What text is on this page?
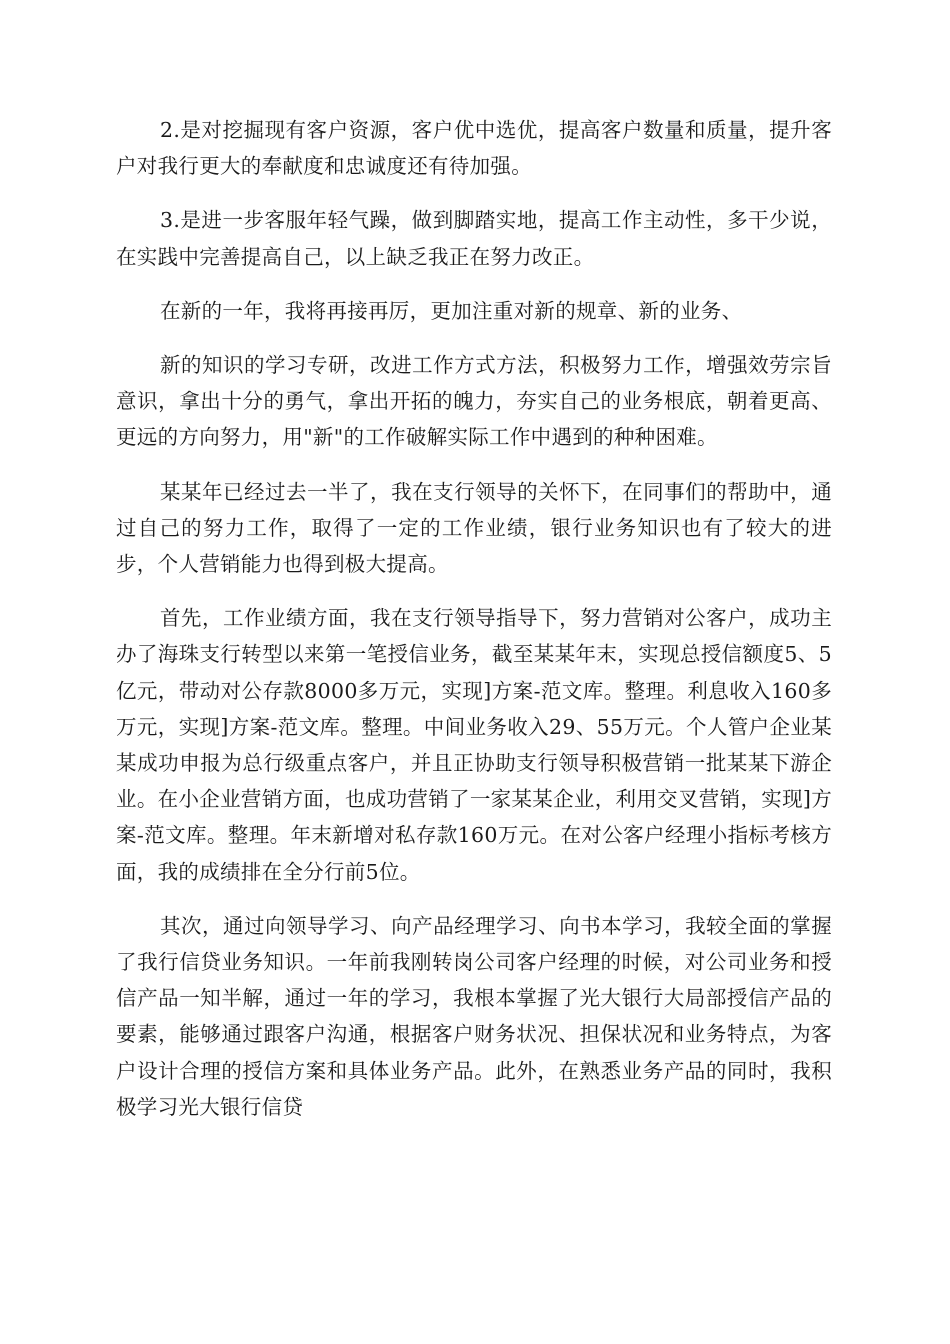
2.是对挖掘现有客户资源，客户优中选优，提高客户数量和质量，提升客户对我行更大的奉献度和忠诚度还有待加强。

3.是进一步客服年轻气躁，做到脚踏实地，提高工作主动性，多干少说，在实践中完善提高自己，以上缺乏我正在努力改正。

在新的一年，我将再接再厉，更加注重对新的规章、新的业务、

新的知识的学习专研，改进工作方式方法，积极努力工作，增强效劳宗旨意识，拿出十分的勇气，拿出开拓的魄力，夯实自己的业务根底，朝着更高、更远的方向努力，用"新"的工作破解实际工作中遇到的种种困难。

某某年已经过去一半了，我在支行领导的关怀下，在同事们的帮助中，通过自己的努力工作，取得了一定的工作业绩，银行业务知识也有了较大的进步，个人营销能力也得到极大提高。

首先，工作业绩方面，我在支行领导指导下，努力营销对公客户，成功主办了海珠支行转型以来第一笔授信业务，截至某某年末，实现总授信额度5、5亿元，带动对公存款8000多万元，实现]方案-范文库。整理。利息收入160多万元，实现]方案-范文库。整理。中间业务收入29、55万元。个人管户企业某某成功申报为总行级重点客户，并且正协助支行领导积极营销一批某某下游企业。在小企业营销方面，也成功营销了一家某某企业，利用交叉营销，实现]方案-范文库。整理。年末新增对私存款160万元。在对公客户经理小指标考核方面，我的成绩排在全分行前5位。

其次，通过向领导学习、向产品经理学习、向书本学习，我较全面的掌握了我行信贷业务知识。一年前我刚转岗公司客户经理的时候，对公司业务和授信产品一知半解，通过一年的学习，我根本掌握了光大银行大局部授信产品的要素，能够通过跟客户沟通，根据客户财务状况、担保状况和业务特点，为客户设计合理的授信方案和具体业务产品。此外，在熟悉业务产品的同时，我积极学习光大银行信贷
